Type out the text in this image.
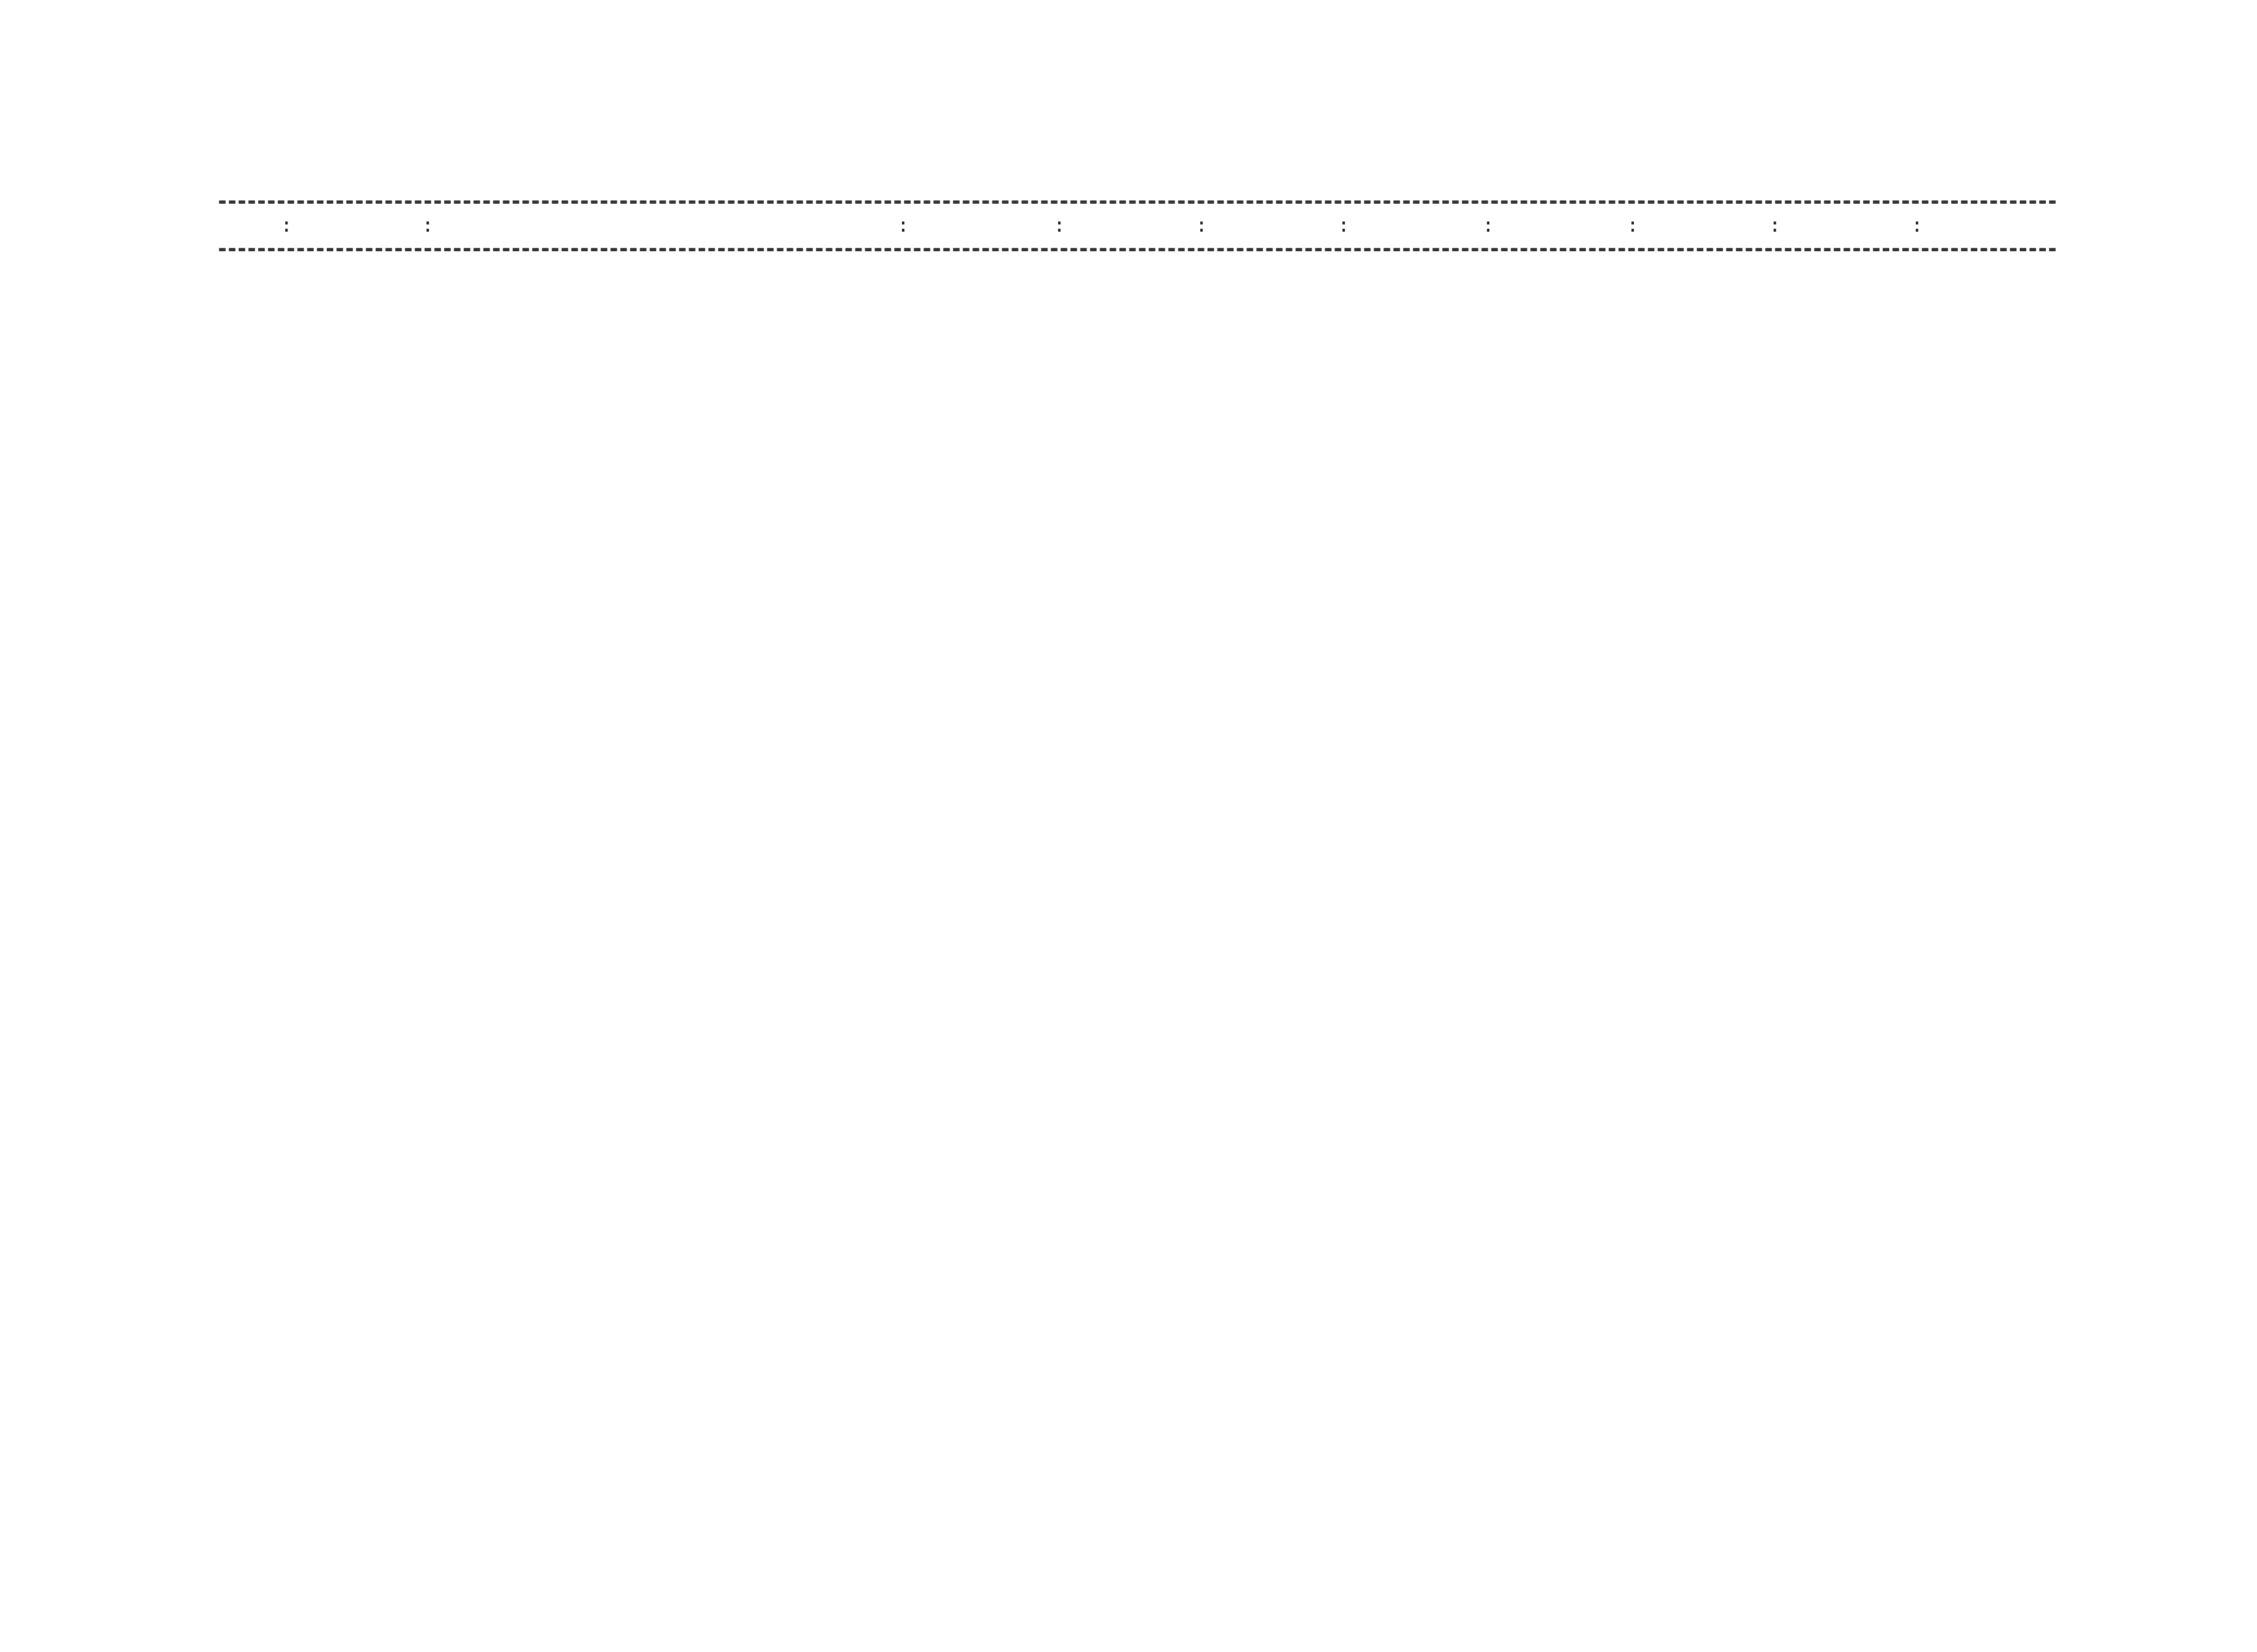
:	:	:	:	:	:	:	:	:	:
